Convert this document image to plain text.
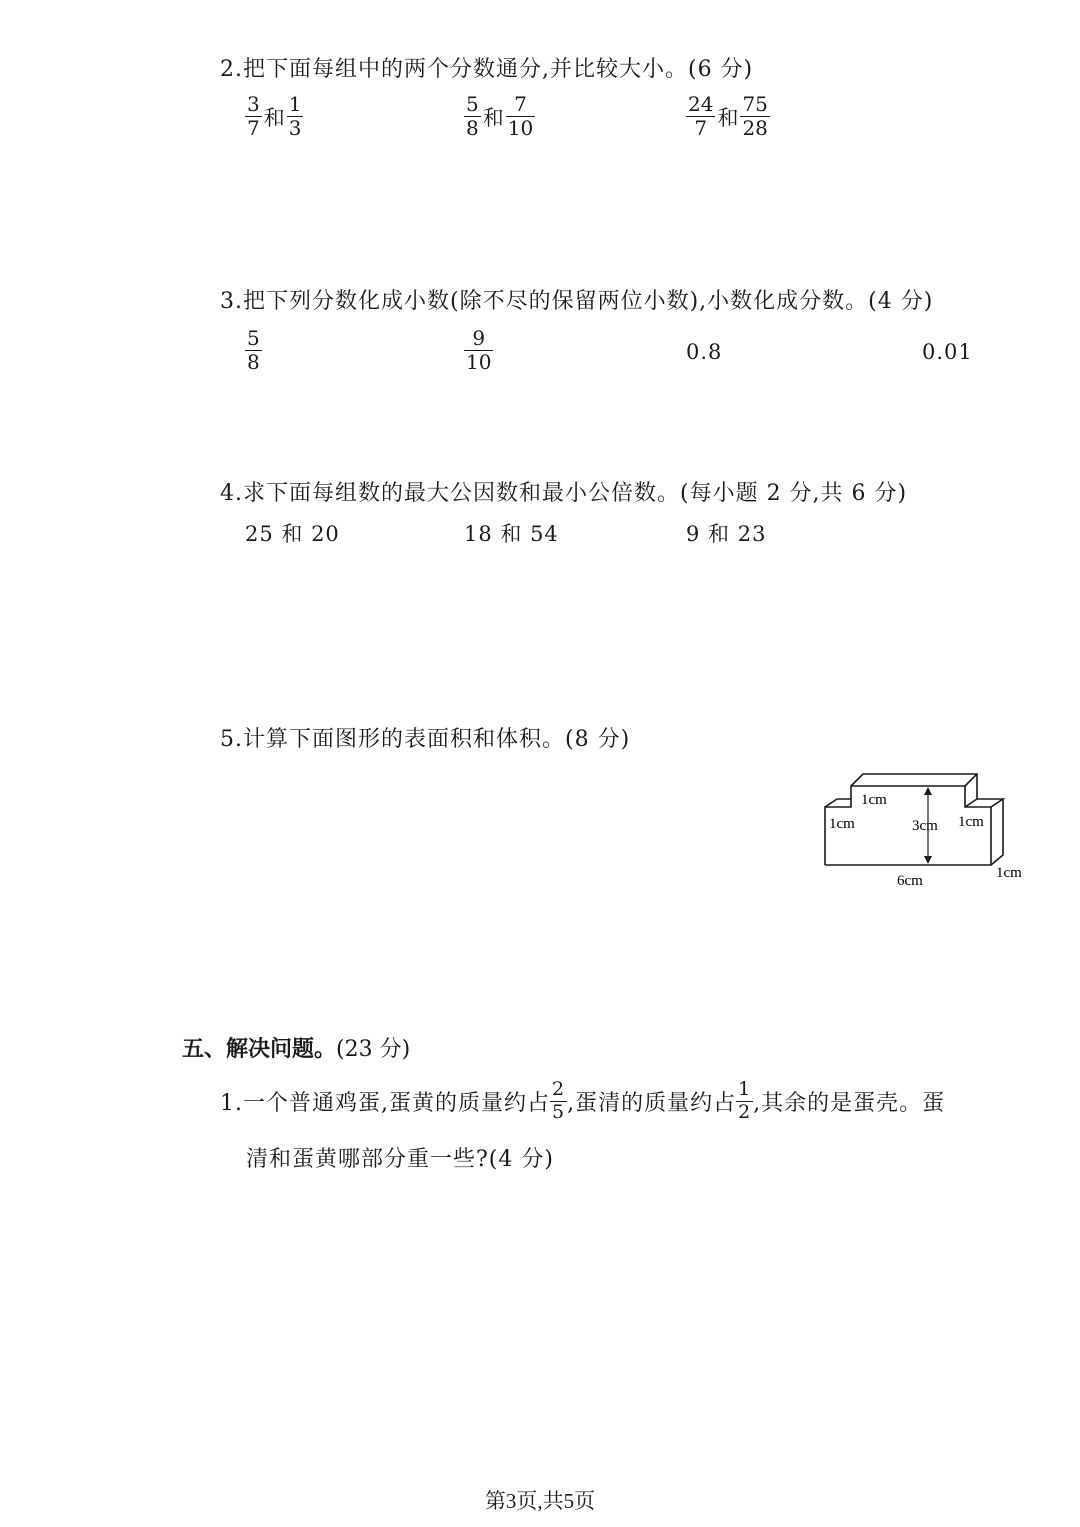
2.把下面每组中的两个分数通分,并比较大小。(6 分)
$\frac{3}{7}$ 和 $\frac{1}{3}$	$\frac{5}{8}$ 和 $\frac{7}{10}$	$\frac{24}{7}$ 和 $\frac{75}{28}$
3.把下列分数化成小数(除不尽的保留两位小数),小数化成分数。(4 分)
$\frac{5}{8}$	$\frac{9}{10}$	0.8	0.01
4.求下面每组数的最大公因数和最小公倍数。(每小题 2 分,共 6 分)
25 和 20	18 和 54	9 和 23
5.计算下面图形的表面积和体积。(8 分)
1cm
1cm	3cm 1cm
6cm	1cm
五、解决问题。(23 分)
1.一个普通鸡蛋,蛋黄的质量约占 $\frac{2}{5}$ ,蛋清的质量约占 $\frac{1}{2}$ ,其余的是蛋壳。蛋
清和蛋黄哪部分重一些?(4 分)
第3页,共5页
